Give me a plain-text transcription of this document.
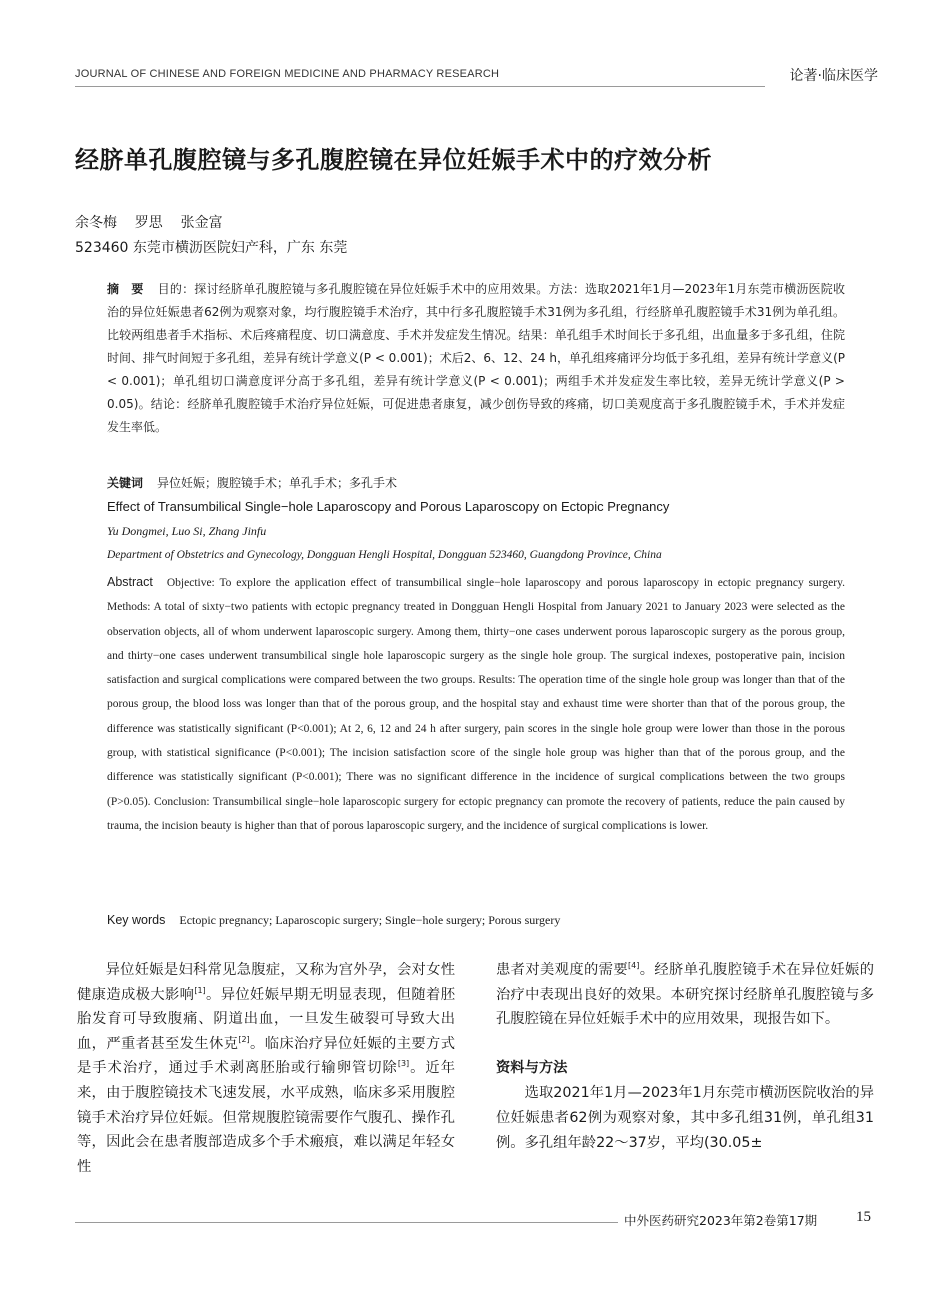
JOURNAL OF CHINESE AND FOREIGN MEDICINE AND PHARMACY RESEARCH	论著·临床医学
经脐单孔腹腔镜与多孔腹腔镜在异位妊娠手术中的疗效分析
余冬梅    罗思    张金富
523460 东莞市横沥医院妇产科，广东 东莞
摘　要 目的：探讨经脐单孔腹腔镜与多孔腹腔镜在异位妊娠手术中的应用效果。方法：选取2021年1月—2023年1月东莞市横沥医院收治的异位妊娠患者62例为观察对象，均行腹腔镜手术治疗，其中行多孔腹腔镜手术31例为多孔组，行经脐单孔腹腔镜手术31例为单孔组。比较两组患者手术指标、术后疼痛程度、切口满意度、手术并发症发生情况。结果：单孔组手术时间长于多孔组，出血量多于多孔组，住院时间、排气时间短于多孔组，差异有统计学意义(P < 0.001)；术后2、6、12、24 h，单孔组疼痛评分均低于多孔组，差异有统计学意义(P < 0.001)；单孔组切口满意度评分高于多孔组，差异有统计学意义(P < 0.001)；两组手术并发症发生率比较，差异无统计学意义(P > 0.05)。结论：经脐单孔腹腔镜手术治疗异位妊娠，可促进患者康复，减少创伤导致的疼痛，切口美观度高于多孔腹腔镜手术，手术并发症发生率低。
关键词 异位妊娠；腹腔镜手术；单孔手术；多孔手术
Effect of Transumbilical Single−hole Laparoscopy and Porous Laparoscopy on Ectopic Pregnancy
Yu Dongmei, Luo Si, Zhang Jinfu
Department of Obstetrics and Gynecology, Dongguan Hengli Hospital, Dongguan 523460, Guangdong Province, China
Abstract Objective: To explore the application effect of transumbilical single−hole laparoscopy and porous laparoscopy in ectopic pregnancy surgery. Methods: A total of sixty−two patients with ectopic pregnancy treated in Dongguan Hengli Hospital from January 2021 to January 2023 were selected as the observation objects, all of whom underwent laparoscopic surgery. Among them, thirty−one cases underwent porous laparoscopic surgery as the porous group, and thirty−one cases underwent transumbilical single hole laparoscopic surgery as the single hole group. The surgical indexes, postoperative pain, incision satisfaction and surgical complications were compared between the two groups. Results: The operation time of the single hole group was longer than that of the porous group, the blood loss was longer than that of the porous group, and the hospital stay and exhaust time were shorter than that of the porous group, the difference was statistically significant (P<0.001); At 2, 6, 12 and 24 h after surgery, pain scores in the single hole group were lower than those in the porous group, with statistical significance (P<0.001); The incision satisfaction score of the single hole group was higher than that of the porous group, and the difference was statistically significant (P<0.001); There was no significant difference in the incidence of surgical complications between the two groups (P>0.05). Conclusion: Transumbilical single−hole laparoscopic surgery for ectopic pregnancy can promote the recovery of patients, reduce the pain caused by trauma, the incision beauty is higher than that of porous laparoscopic surgery, and the incidence of surgical complications is lower.
Key words Ectopic pregnancy; Laparoscopic surgery; Single−hole surgery; Porous surgery

异位妊娠是妇科常见急腹症，又称为宫外孕，会对女性健康造成极大影响[1]。异位妊娠早期无明显表现，但随着胚胎发育可导致腹痛、阴道出血，一旦发生破裂可导致大出血，严重者甚至发生休克[2]。临床治疗异位妊娠的主要方式是手术治疗，通过手术剥离胚胎或行输卵管切除[3]。近年来，由于腹腔镜技术飞速发展，水平成熟，临床多采用腹腔镜手术治疗异位妊娠。但常规腹腔镜需要作气腹孔、操作孔等，因此会在患者腹部造成多个手术瘢痕，难以满足年轻女性

患者对美观度的需要[4]。经脐单孔腹腔镜手术在异位妊娠的治疗中表现出良好的效果。本研究探讨经脐单孔腹腔镜与多孔腹腔镜在异位妊娠手术中的应用效果，现报告如下。

资料与方法

选取2021年1月—2023年1月东莞市横沥医院收治的异位妊娠患者62例为观察对象，其中多孔组31例，单孔组31例。多孔组年龄22～37岁，平均(30.05±

中外医药研究2023年第2卷第17期	15
